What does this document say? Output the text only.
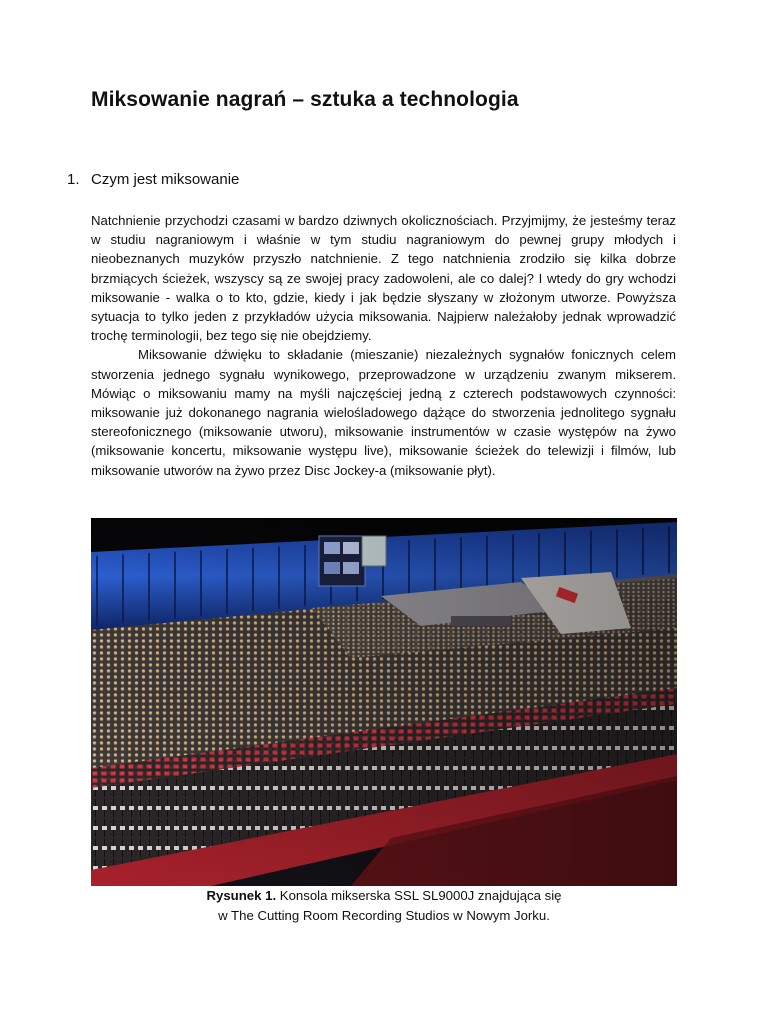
Miksowanie nagrań – sztuka a technologia
1. Czym jest miksowanie

Natchnienie przychodzi czasami w bardzo dziwnych okolicznościach. Przyjmijmy, że jesteśmy teraz w studiu nagraniowym i właśnie w tym studiu nagraniowym do pewnej grupy młodych i nieobeznanych muzyków przyszło natchnienie. Z tego natchnienia zrodziło się kilka dobrze brzmiących ścieżek, wszyscy są ze swojej pracy zadowoleni, ale co dalej? I wtedy do gry wchodzi miksowanie - walka o to kto, gdzie, kiedy i jak będzie słyszany w złożonym utworze. Powyższa sytuacja to tylko jeden z przykładów użycia miksowania. Najpierw należałoby jednak wprowadzić trochę terminologii, bez tego się nie obejdziemy.

Miksowanie dźwięku to składanie (mieszanie) niezależnych sygnałów fonicznych celem stworzenia jednego sygnału wynikowego, przeprowadzone w urządzeniu zwanym mikserem. Mówiąc o miksowaniu mamy na myśli najczęściej jedną z czterech podstawowych czynności: miksowanie już dokonanego nagrania wielośladowego dążące do stworzenia jednolitego sygnału stereofonicznego (miksowanie utworu), miksowanie instrumentów w czasie występów na żywo (miksowanie koncertu, miksowanie występu live), miksowanie ścieżek do telewizji i filmów, lub miksowanie utworów na żywo przez Disc Jockey-a (miksowanie płyt).

Rysunek 1. Konsola mikserska SSL SL9000J znajdująca się
w The Cutting Room Recording Studios w Nowym Jorku.
